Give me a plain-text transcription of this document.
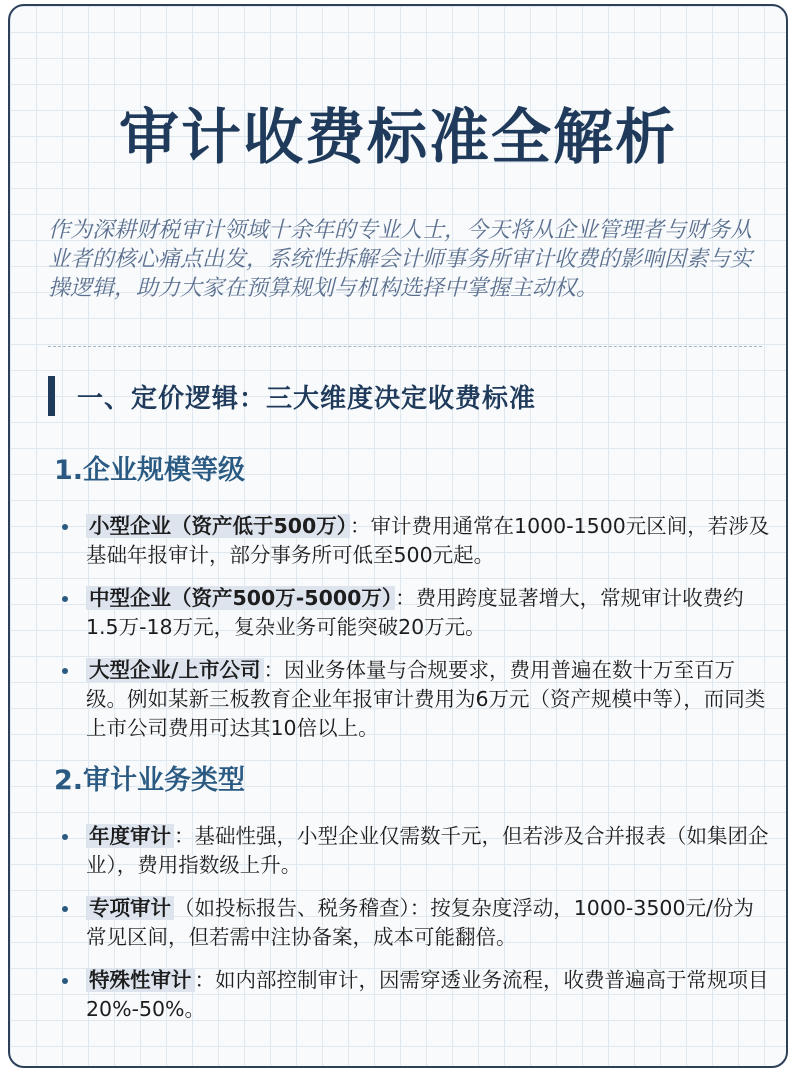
审计收费标准全解析

作为深耕财税审计领域十余年的专业人士，今天将从企业管理者与财务从业者的核心痛点出发，系统性拆解会计师事务所审计收费的影响因素与实操逻辑，助力大家在预算规划与机构选择中掌握主动权。

一、定价逻辑：三大维度决定收费标准
1.企业规模等级
小型企业（资产低于500万） ：审计费用通常在1000-1500元区间，若涉及基础年报审计，部分事务所可低至500元起。
中型企业（资产500万-5000万） ：费用跨度显著增大，常规审计收费约1.5万-18万元，复杂业务可能突破20万元。
大型企业/上市公司 ：因业务体量与合规要求，费用普遍在数十万至百万级。例如某新三板教育企业年报审计费用为6万元（资产规模中等），而同类上市公司费用可达其10倍以上。
2.审计业务类型
年度审计 ：基础性强，小型企业仅需数千元，但若涉及合并报表（如集团企业），费用指数级上升。
专项审计 （如投标报告、税务稽查）：按复杂度浮动，1000-3500元/份为常见区间，但若需中注协备案，成本可能翻倍。
特殊性审计 ：如内部控制审计，因需穿透业务流程，收费普遍高于常规项目20%-50%。
